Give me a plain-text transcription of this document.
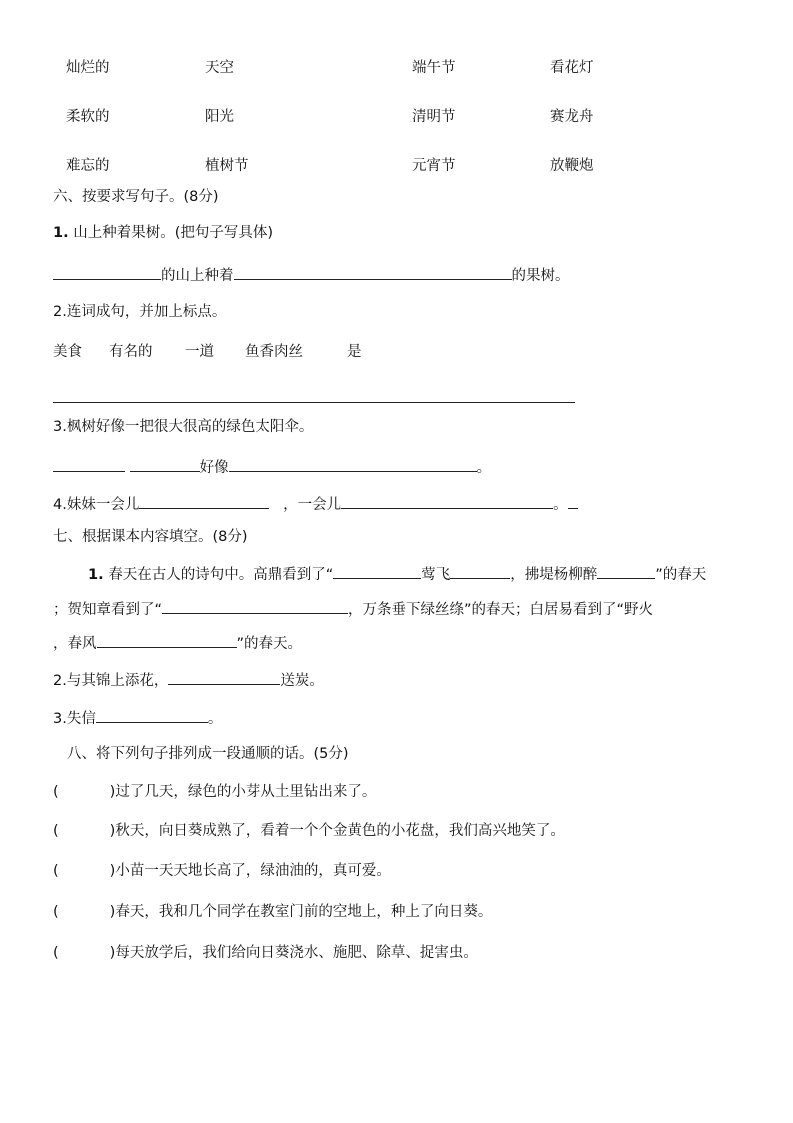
灿烂的	天空	端午节	看花灯
柔软的	阳光	清明节	赛龙舟
难忘的	植树节	元宵节	放鞭炮
六、按要求写句子。(8分)
1. 山上种着果树。(把句子写具体)
的山上种着	的果树。
2.连词成句，并加上标点。
美食 有名的 一道 鱼香肉丝	是
3.枫树好像一把很大很高的绿色太阳伞。
好像	。
4.妹妹一会儿	，一会儿	。
七、根据课本内容填空。(8分)
1. 春天在古人的诗句中。高鼎看到了“	莺飞	，拂堤杨柳醉	”的春天
；贺知章看到了“	，万条垂下绿丝绦”的春天；白居易看到了“野火
，春风	”的春天。
2.与其锦上添花，	送炭。
3.失信	。
八、将下列句子排列成一段通顺的话。(5分)
(	)过了几天，绿色的小芽从土里钻出来了。
(	)秋天，向日葵成熟了，看着一个个金黄色的小花盘，我们高兴地笑了。
(	)小苗一天天地长高了，绿油油的，真可爱。
(	)春天，我和几个同学在教室门前的空地上，种上了向日葵。
(	)每天放学后，我们给向日葵浇水、施肥、除草、捉害虫。
